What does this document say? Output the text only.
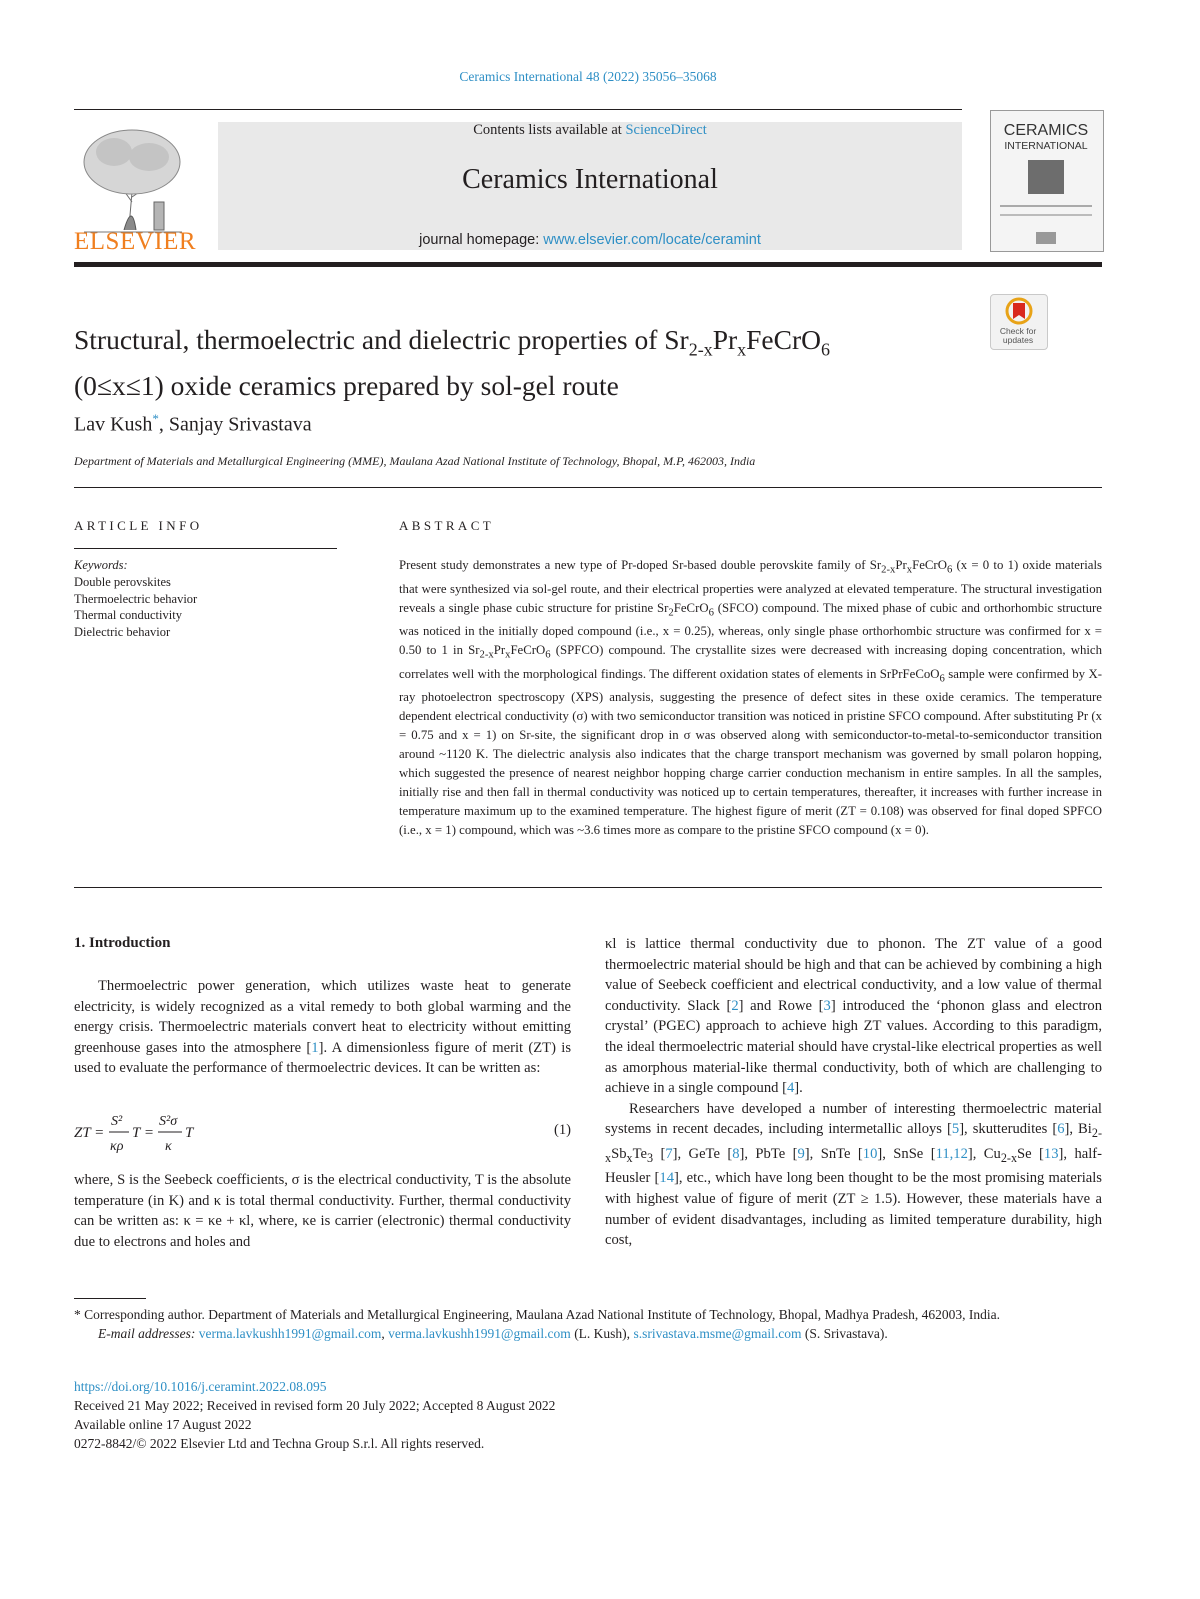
Ceramics International 48 (2022) 35056–35068
ELSEVIER
Contents lists available at ScienceDirect
Ceramics International
journal homepage: www.elsevier.com/locate/ceramint
CERAMICS
INTERNATIONAL
Check for updates
Structural, thermoelectric and dielectric properties of $Sr_{2-x}Pr_xFeCrO_6$
(0≤x≤1) oxide ceramics prepared by sol-gel route
Lav Kush*, Sanjay Srivastava
Department of Materials and Metallurgical Engineering (MME), Maulana Azad National Institute of Technology, Bhopal, M.P, 462003, India
ARTICLE INFO
Keywords:
Double perovskites
Thermoelectric behavior
Thermal conductivity
Dielectric behavior
ABSTRACT
Present study demonstrates a new type of Pr-doped Sr-based double perovskite family of $Sr_{2-x}Pr_xFeCrO_6$ (x = 0 to 1) oxide materials that were synthesized via sol-gel route, and their electrical properties were analyzed at elevated temperature. The structural investigation reveals a single phase cubic structure for pristine $Sr_2FeCrO_6$ (SFCO) compound. The mixed phase of cubic and orthorhombic structure was noticed in the initially doped compound (i.e., x = 0.25), whereas, only single phase orthorhombic structure was confirmed for x = 0.50 to 1 in $Sr_{2-x}Pr_xFeCrO_6$ (SPFCO) compound. The crystallite sizes were decreased with increasing doping concentration, which correlates well with the morphological findings. The different oxidation states of elements in SrPrFeCoO$_6$ sample were confirmed by X-ray photoelectron spectroscopy (XPS) analysis, suggesting the presence of defect sites in these oxide ceramics. The temperature dependent electrical conductivity (σ) with two semiconductor transition was noticed in pristine SFCO compound. After substituting Pr (x = 0.75 and x = 1) on Sr-site, the significant drop in σ was observed along with semiconductor-to-metal-to-semiconductor transition around ~1120 K. The dielectric analysis also indicates that the charge transport mechanism was governed by small polaron hopping, which suggested the presence of nearest neighbor hopping charge carrier conduction mechanism in entire samples. In all the samples, initially rise and then fall in thermal conductivity was noticed up to certain temperatures, thereafter, it increases with further increase in temperature maximum up to the examined temperature. The highest figure of merit (ZT = 0.108) was observed for final doped SPFCO (i.e., x = 1) compound, which was ~3.6 times more as compare to the pristine SFCO compound (x = 0).
1. Introduction

Thermoelectric power generation, which utilizes waste heat to generate electricity, is widely recognized as a vital remedy to both global warming and the energy crisis. Thermoelectric materials convert heat to electricity without emitting greenhouse gases into the atmosphere [1]. A dimensionless figure of merit (ZT) is used to evaluate the performance of thermoelectric devices. It can be written as:

ZT =
S²
κρ
T =
S²σ
κ
T	(1)
where, S is the Seebeck coefficients, σ is the electrical conductivity, T is the absolute temperature (in K) and κ is total thermal conductivity. Further, thermal conductivity can be written as: κ = κe + κl, where, κe is carrier (electronic) thermal conductivity due to electrons and holes and

κl is lattice thermal conductivity due to phonon. The ZT value of a good thermoelectric material should be high and that can be achieved by combining a high value of Seebeck coefficient and electrical conductivity, and a low value of thermal conductivity. Slack [2] and Rowe [3] introduced the ‘phonon glass and electron crystal’ (PGEC) approach to achieve high ZT values. According to this paradigm, the ideal thermoelectric material should have crystal-like electrical properties as well as amorphous material-like thermal conductivity, both of which are challenging to achieve in a single compound [4].

Researchers have developed a number of interesting thermoelectric material systems in recent decades, including intermetallic alloys [5], skutterudites [6], $Bi_{2-x}Sb_xTe_3$ [7], GeTe [8], PbTe [9], SnTe [10], SnSe [11,12], $Cu_{2-x}Se$ [13], half-Heusler [14], etc., which have long been thought to be the most promising materials with highest value of figure of merit (ZT ≥ 1.5). However, these materials have a number of evident disadvantages, including as limited temperature durability, high cost,

* Corresponding author. Department of Materials and Metallurgical Engineering, Maulana Azad National Institute of Technology, Bhopal, Madhya Pradesh, 462003, India.
E-mail addresses: verma.lavkushh1991@gmail.com, verma.lavkushh1991@gmail.com (L. Kush), s.srivastava.msme@gmail.com (S. Srivastava).
https://doi.org/10.1016/j.ceramint.2022.08.095
Received 21 May 2022; Received in revised form 20 July 2022; Accepted 8 August 2022
Available online 17 August 2022
0272-8842/© 2022 Elsevier Ltd and Techna Group S.r.l. All rights reserved.
